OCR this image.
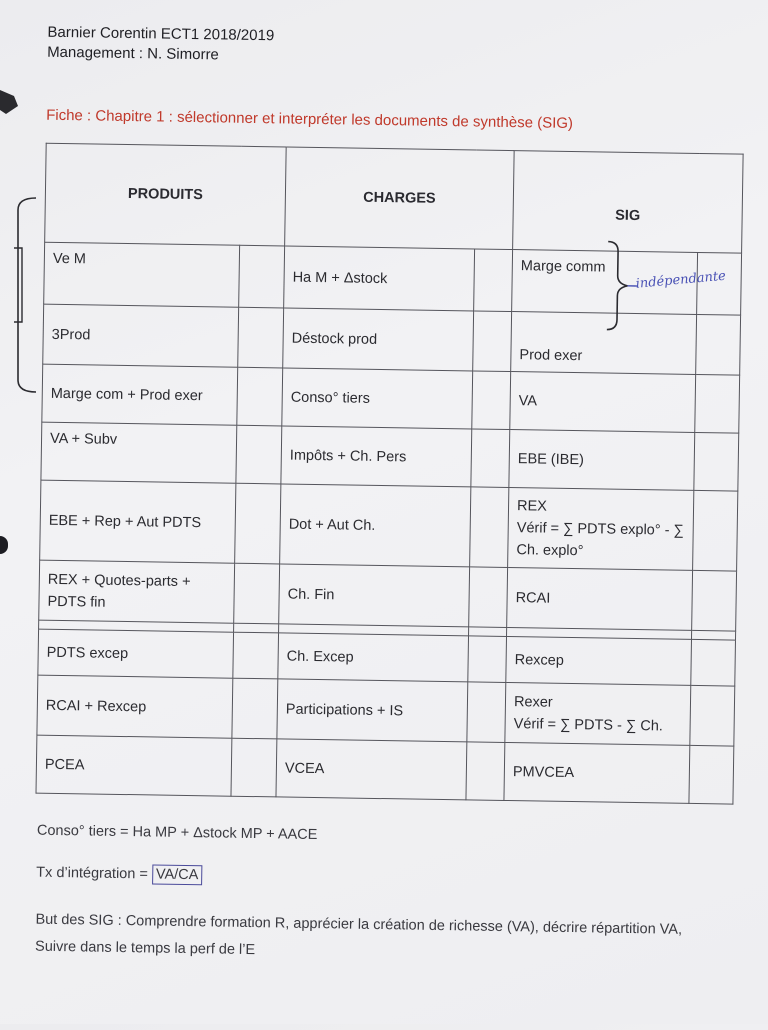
Barnier Corentin ECT1 2018/2019
Management : N. Simorre
Fiche : Chapitre 1 : sélectionner et interpréter les documents de synthèse (SIG)
PRODUITS		CHARGES		SIG	
Ve M		Ha M + Δstock		Marge comm	
3Prod		Déstock prod		Prod exer	
Marge com + Prod exer		Conso° tiers		VA	
VA + Subv		Impôts + Ch. Pers		EBE (IBE)	
EBE + Rep + Aut PDTS		Dot + Aut Ch.		REX
Vérif = ∑ PDTS explo° - ∑ Ch. explo°	

REX + Quotes-parts + PDTS fin		Ch. Fin		RCAI	

PDTS excep		Ch. Excep		Rexcep	
RCAI + Rexcep		Participations + IS		Rexer
Vérif = ∑ PDTS - ∑ Ch.	

PCEA		VCEA		PMVCEA	
indépendante
Conso° tiers = Ha MP + Δstock MP + AACE
Tx d’intégration = VA/CA
But des SIG : Comprendre formation R, apprécier la création de richesse (VA), décrire répartition VA,
Suivre dans le temps la perf de l’E
